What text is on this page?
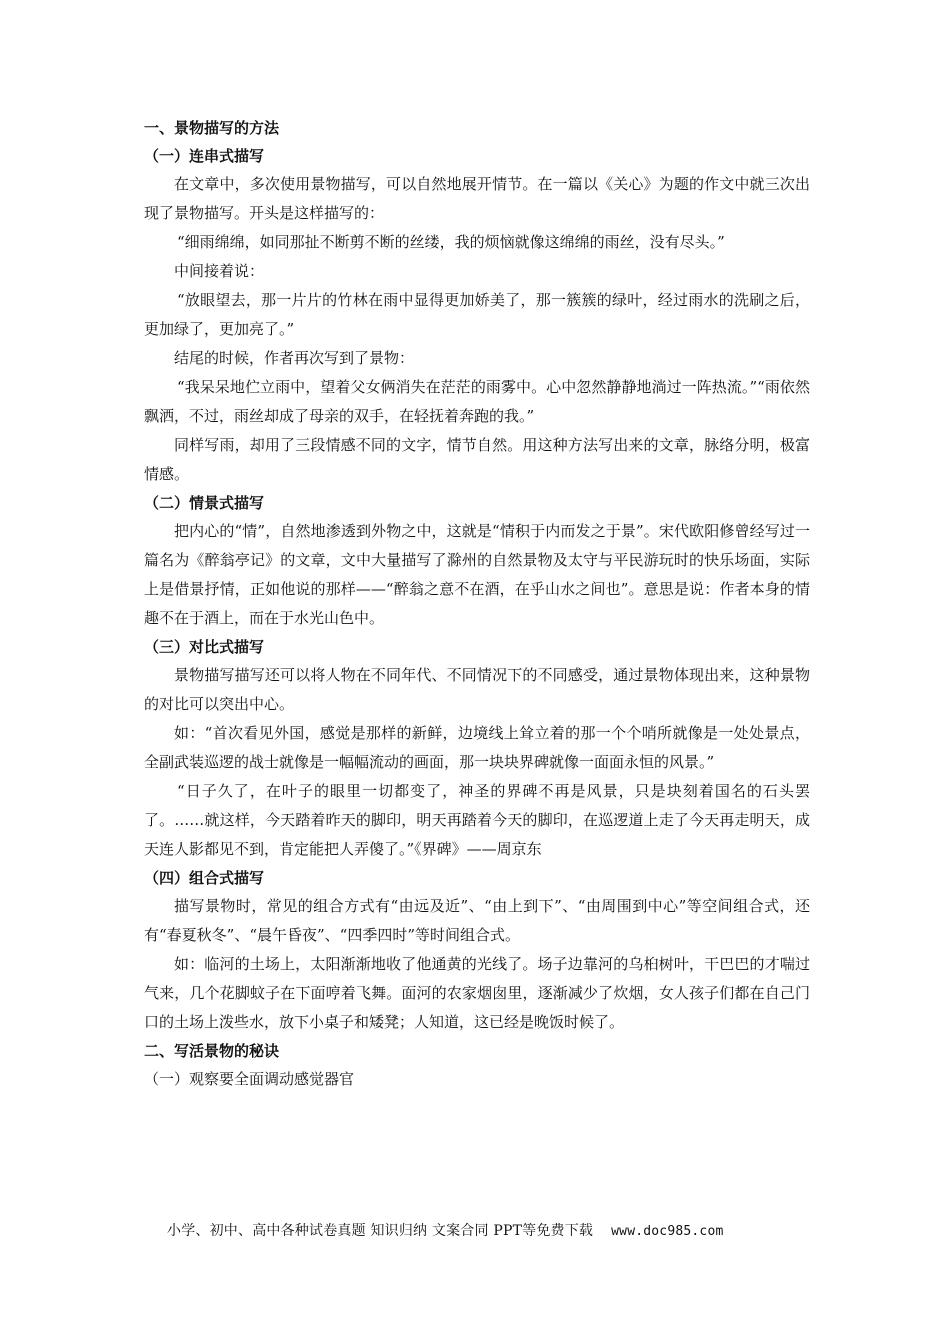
一、景物描写的方法

（一）连串式描写

在文章中，多次使用景物描写，可以自然地展开情节。在一篇以《关心》为题的作文中就三次出现了景物描写。开头是这样描写的：

“细雨绵绵，如同那扯不断剪不断的丝缕，我的烦恼就像这绵绵的雨丝，没有尽头。”

中间接着说：

“放眼望去，那一片片的竹林在雨中显得更加娇美了，那一簇簇的绿叶，经过雨水的洗刷之后，更加绿了，更加亮了。”

结尾的时候，作者再次写到了景物：

“我呆呆地伫立雨中，望着父女俩消失在茫茫的雨雾中。心中忽然静静地淌过一阵热流。”“雨依然飘洒，不过，雨丝却成了母亲的双手，在轻抚着奔跑的我。”

同样写雨，却用了三段情感不同的文字，情节自然。用这种方法写出来的文章，脉络分明，极富情感。

（二）情景式描写

把内心的“情”，自然地渗透到外物之中，这就是“情积于内而发之于景”。宋代欧阳修曾经写过一篇名为《醉翁亭记》的文章，文中大量描写了滁州的自然景物及太守与平民游玩时的快乐场面，实际上是借景抒情，正如他说的那样——“醉翁之意不在酒，在乎山水之间也”。意思是说：作者本身的情趣不在于酒上，而在于水光山色中。

（三）对比式描写

景物描写描写还可以将人物在不同年代、不同情况下的不同感受，通过景物体现出来，这种景物的对比可以突出中心。

如：“首次看见外国，感觉是那样的新鲜，边境线上耸立着的那一个个哨所就像是一处处景点，全副武装巡逻的战士就像是一幅幅流动的画面，那一块块界碑就像一面面永恒的风景。”

“日子久了，在叶子的眼里一切都变了，神圣的界碑不再是风景，只是块刻着国名的石头罢了。……就这样，今天踏着昨天的脚印，明天再踏着今天的脚印，在巡逻道上走了今天再走明天，成天连人影都见不到，肯定能把人弄傻了。”《界碑》——周京东

（四）组合式描写

描写景物时，常见的组合方式有“由远及近”、“由上到下”、“由周围到中心”等空间组合式，还有“春夏秋冬”、“晨午昏夜”、“四季四时”等时间组合式。

如：临河的土场上，太阳渐渐地收了他通黄的光线了。场子边靠河的乌桕树叶，干巴巴的才喘过气来，几个花脚蚊子在下面哼着飞舞。面河的农家烟囱里，逐渐减少了炊烟，女人孩子们都在自己门口的土场上泼些水，放下小桌子和矮凳；人知道，这已经是晚饭时候了。

二、写活景物的秘诀

（一）观察要全面调动感觉器官

小学、初中、高中各种试卷真题 知识归纳 文案合同 PPT等免费下载 www.doc985.com
